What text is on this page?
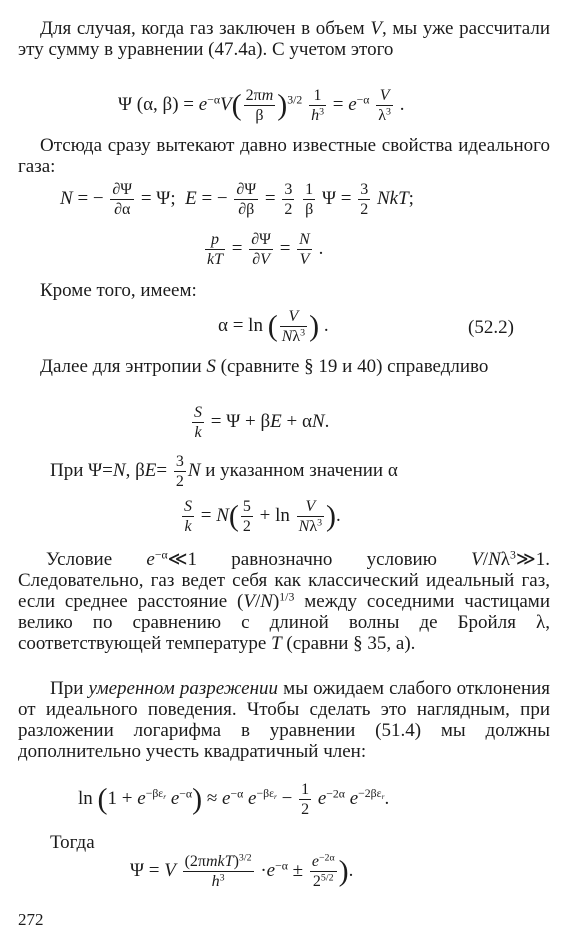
Для случая, когда газ заключен в объем V, мы уже рассчитали эту сумму в уравнении (47.4а). С учетом этого
Ψ (α, $\beta) = e^{-\alpha}V( \frac{2\pi m}{\beta} )^{3/2} \frac{1}{h^3} = e^{-\alpha} \frac{V}{\lambda^3}$ .
Отсюда сразу вытекают давно известные свойства идеального газа:
N = − $\frac{\partial\Psi}{\partial\alpha} = \Psi$;  E = − $\frac{\partial\Psi}{\partial\beta} = \frac{3}{2}$
$\frac{1}{\beta}$ $\Psi = \frac{3}{2}$ NkT;
$\frac{p}{kT} = \frac{\partial\Psi}{\partial V} = \frac{N}{V}$ .
Кроме того, имеем:
α = ln ( $\frac{V}{N\lambda^3}$ ) .	(52.2)
Далее для энтропии S (сравните § 19 и 40) справедливо
$\frac{S}{k} = \Psi + \beta E + \alpha N$.
При Ψ=N, $\beta E= \frac{3}{2}$ N и указанном значении α
$\frac{S}{k} = N( \frac{5}{2} + \ln \frac{V}{N\lambda^3}$ ).
Условие $e^{-\alpha}≪1$ равнозначно условию $V/N\lambda^3≫1$. Следовательно, газ ведет себя как классический идеальный газ, если среднее расстояние $(V/N)^{1/3}$ между соседними частицами велико по сравнению с длиной волны де Бройля λ, соответствующей температуре T (сравни § 35, а).
При умеренном разрежении мы ожидаем слабого отклонения от идеального поведения. Чтобы сделать это наглядным, при разложении логарифма в уравнении (51.4) мы должны дополнительно учесть квадратичный член:
$\ln (1 + e^{-\beta\varepsilon_r}$ $e^{-\alpha}) \approx e^{-\alpha}$ $e^{-\beta\varepsilon_r} - \frac{1}{2} e^{-2\alpha}$ $e^{-2\beta\varepsilon_r}$.
Тогда
Ψ = V $\frac{(2\pi mkT)^{3/2}}{h^3} \cdot e^{-\alpha} \pm \frac{e^{-2\alpha}}{2^{5/2}}$ ).
272
